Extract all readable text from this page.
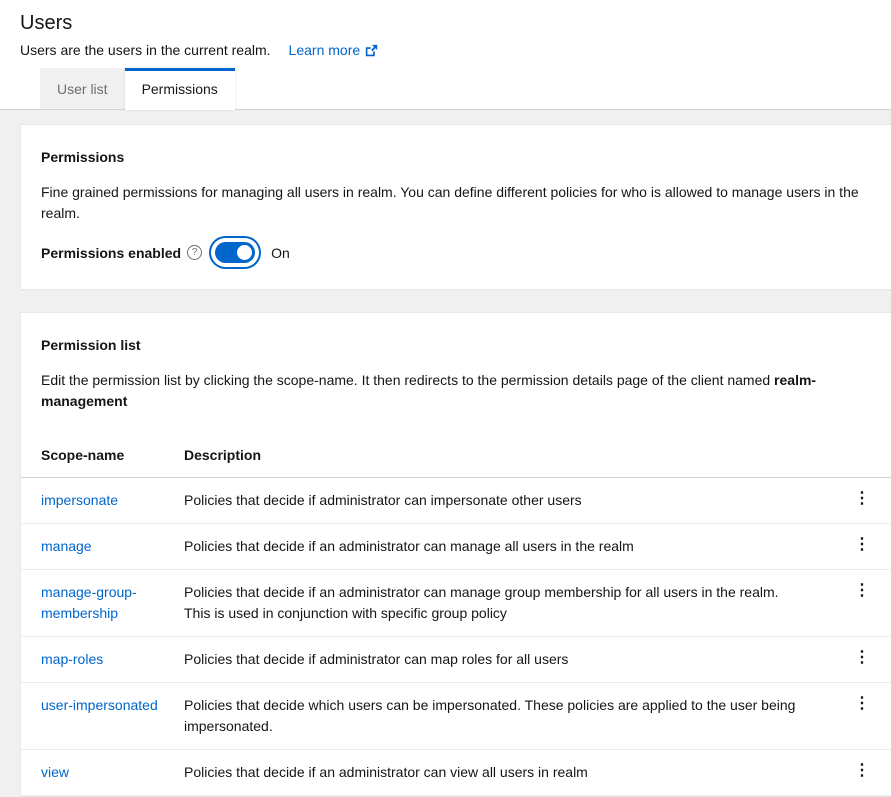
Users
Users are the users in the current realm. Learn more
User list	Permissions
Permissions

Fine grained permissions for managing all users in realm. You can define different policies for who is allowed to manage users in the realm.

Permissions enabled	?	On
Permission list

Edit the permission list by clicking the scope-name. It then redirects to the permission details page of the client named realm-management

Scope-name	Description	
impersonate	Policies that decide if administrator can impersonate other users	⋮
manage	Policies that decide if an administrator can manage all users in the realm	⋮
manage-group-membership	Policies that decide if an administrator can manage group membership for all users in the realm. This is used in conjunction with specific group policy	⋮
map-roles	Policies that decide if administrator can map roles for all users	⋮
user-impersonated	Policies that decide which users can be impersonated. These policies are applied to the user being impersonated.	⋮
view	Policies that decide if an administrator can view all users in realm	⋮
